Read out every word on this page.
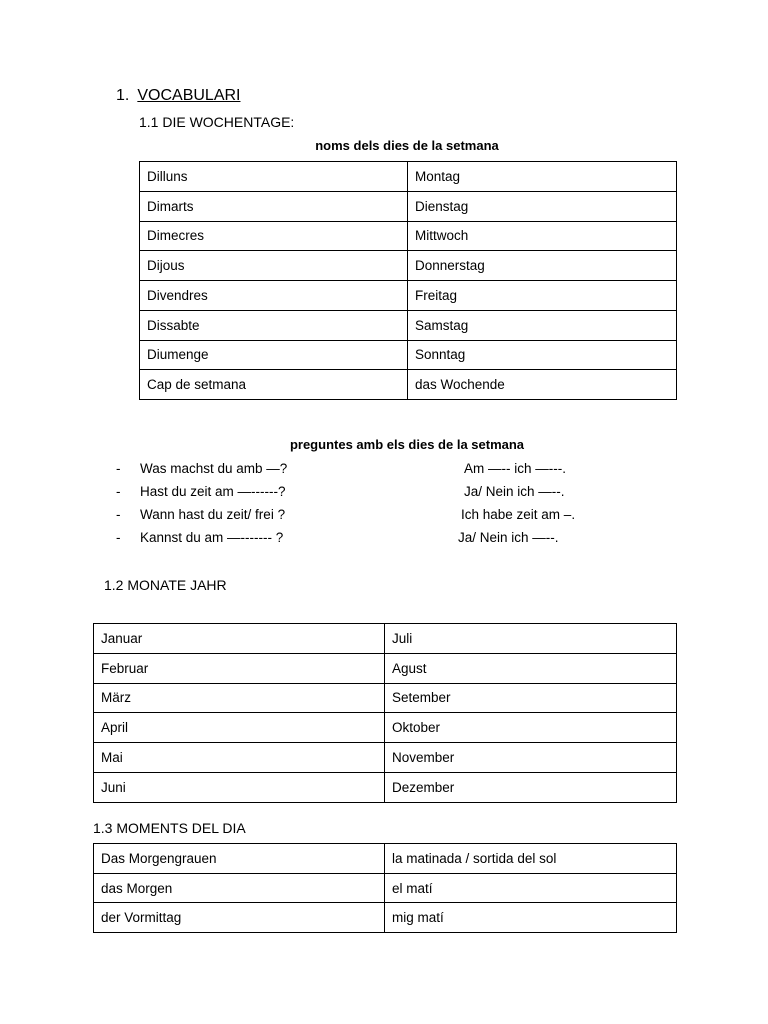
1. VOCABULARI
1.1 DIE WOCHENTAGE:
noms dels dies de la setmana
Dilluns	Montag
Dimarts	Dienstag
Dimecres	Mittwoch
Dijous	Donnerstag
Divendres	Freitag
Dissabte	Samstag
Diumenge	Sonntag
Cap de setmana	das Wochende
preguntes amb els dies de la setmana
- Was machst du amb —?	Am —-- ich —---.
- Hast du zeit am —------?	Ja/ Nein ich —--.
- Wann hast du zeit/ frei ?	Ich habe zeit am –.
- Kannst du am —------- ?	Ja/ Nein ich —--.
1.2 MONATE JAHR
Januar	Juli
Februar	Agust
März	Setember
April	Oktober
Mai	November
Juni	Dezember
1.3 MOMENTS DEL DIA
Das Morgengrauen	la matinada / sortida del sol
das Morgen	el matí
der Vormittag	mig matí
